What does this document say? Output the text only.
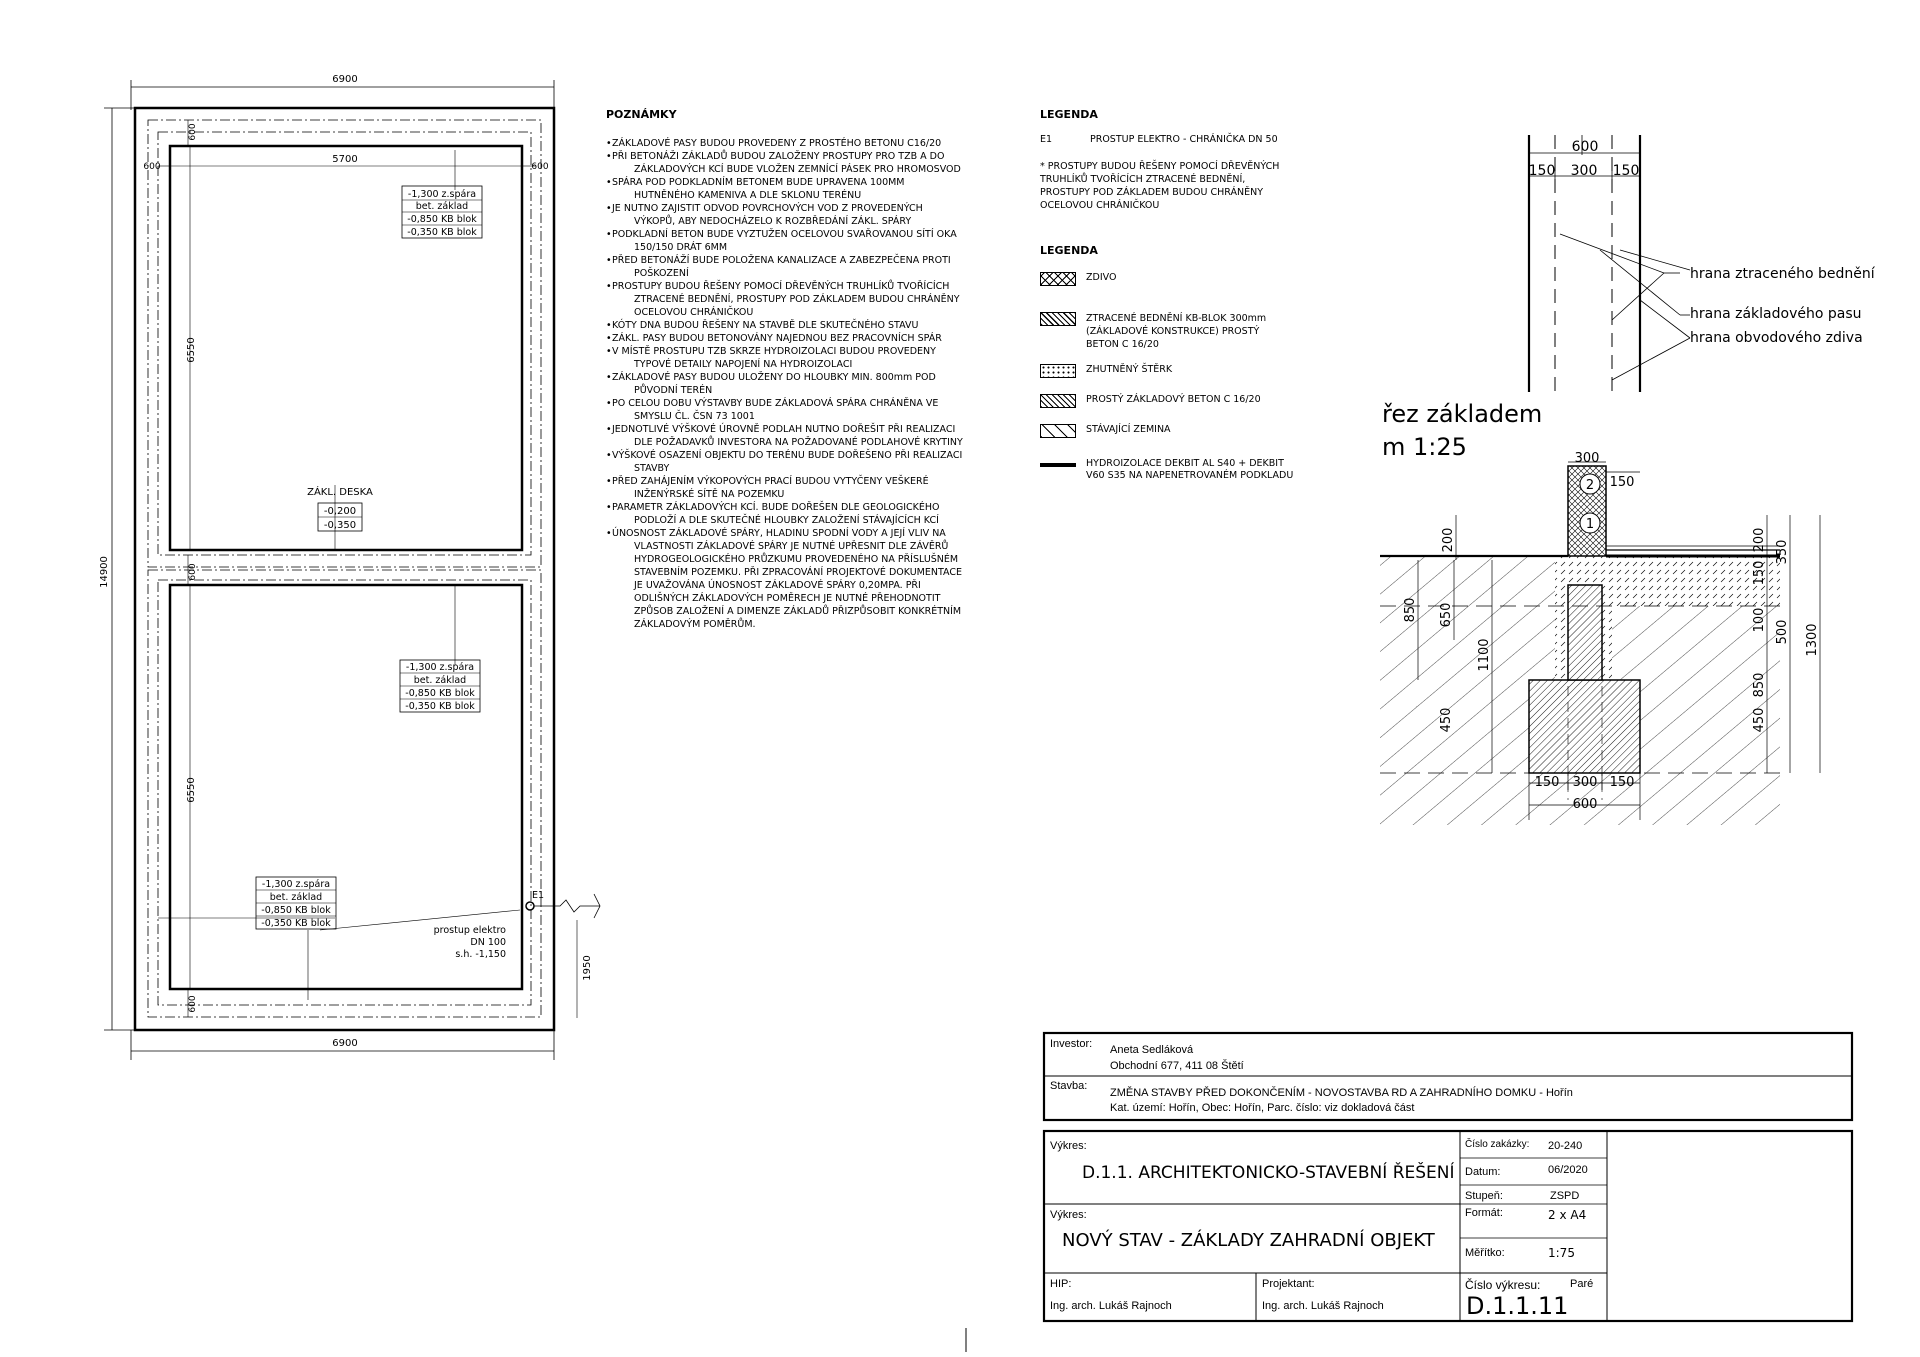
6900
6900
5700
14900
600	600
600
600
600
6550
6550
1950
ZÁKL. DESKA
-0,200
-0,350
-1,300 z.spára
bet. základ
-0,850 KB blok
-0,350 KB blok
-1,300 z.spára
bet. základ
-0,850 KB blok
-0,350 KB blok
-1,300 z.spára
bet. základ
-0,850 KB blok
-0,350 KB blok
E1
prostup elektro
DN 100
s.h. -1,150
600
150 300 150
hrana ztraceného bednění
hrana základového pasu
hrana obvodového zdiva
řez základem
m 1:25	300
150
2
1
200
850 650
1100
450
200
150
100
850
450
350
500 1300
150 300 150
600
POZNÁMKY
• ZÁKLADOVÉ PASY BUDOU PROVEDENY Z PROSTÉHO BETONU C16/20
• PŘI BETONÁŽI ZÁKLADŮ BUDOU ZALOŽENY PROSTUPY PRO TZB A DO ZÁKLADOVÝCH KCÍ BUDE VLOŽEN ZEMNÍCÍ PÁSEK PRO HROMOSVOD
• SPÁRA POD PODKLADNÍM BETONEM BUDE UPRAVENA 100MM HUTNĚNÉHO KAMENIVA A DLE SKLONU TERÉNU
• JE NUTNO ZAJISTIT ODVOD POVRCHOVÝCH VOD Z PROVEDENÝCH VÝKOPŮ, ABY NEDOCHÁZELO K ROZBŘEDÁNÍ ZÁKL. SPÁRY
• PODKLADNÍ BETON BUDE VYZTUŽEN OCELOVOU SVAŘOVANOU SÍTÍ OKA 150/150 DRÁT 6MM
• PŘED BETONÁŽÍ BUDE POLOŽENA KANALIZACE A ZABEZPEČENA PROTI POŠKOZENÍ
• PROSTUPY BUDOU ŘEŠENY POMOCÍ DŘEVĚNÝCH TRUHLÍKŮ TVOŘÍCÍCH ZTRACENÉ BEDNĚNÍ, PROSTUPY POD ZÁKLADEM BUDOU CHRÁNĚNY OCELOVOU CHRÁNIČKOU
• KÓTY DNA BUDOU ŘEŠENY NA STAVBĚ DLE SKUTEČNÉHO STAVU
• ZÁKL. PASY BUDOU BETONOVÁNY NAJEDNOU BEZ PRACOVNÍCH SPÁR
• V MÍSTĚ PROSTUPU TZB SKRZE HYDROIZOLACI BUDOU PROVEDENY TYPOVÉ DETAILY NAPOJENÍ NA HYDROIZOLACI
• ZÁKLADOVÉ PASY BUDOU ULOŽENY DO HLOUBKY MIN. 800mm POD PŮVODNÍ TERÉN
• PO CELOU DOBU VÝSTAVBY BUDE ZÁKLADOVÁ SPÁRA CHRÁNĚNA VE SMYSLU ČL. ČSN 73 1001
• JEDNOTLIVÉ VÝŠKOVÉ ÚROVNĚ PODLAH NUTNO DOŘEŠIT PŘI REALIZACI DLE POŽADAVKŮ INVESTORA NA POŽADOVANÉ PODLAHOVÉ KRYTINY
• VÝŠKOVÉ OSAZENÍ OBJEKTU DO TERÉNU BUDE DOŘEŠENO PŘI REALIZACI STAVBY
• PŘED ZAHÁJENÍM VÝKOPOVÝCH PRACÍ BUDOU VYTYČENY VEŠKERÉ INŽENÝRSKÉ SÍTĚ NA POZEMKU
• PARAMETR ZÁKLADOVÝCH KCÍ. BUDE DOŘEŠEN DLE GEOLOGICKÉHO PODLOŽÍ A DLE SKUTEČNÉ HLOUBKY ZALOŽENÍ STÁVAJÍCÍCH KCÍ
• ÚNOSNOST ZÁKLADOVÉ SPÁRY, HLADINU SPODNÍ VODY A JEJÍ VLIV NA VLASTNOSTI ZÁKLADOVÉ SPÁRY JE NUTNÉ UPŘESNIT DLE ZÁVĚRŮ HYDROGEOLOGICKÉHO PRŮZKUMU PROVEDENÉHO NA PŘÍSLUŠNÉM STAVEBNÍM POZEMKU. PŘI ZPRACOVÁNÍ PROJEKTOVÉ DOKUMENTACE JE UVAŽOVÁNA ÚNOSNOST ZÁKLADOVÉ SPÁRY 0,20MPA. PŘI ODLIŠNÝCH ZÁKLADOVÝCH POMĚRECH JE NUTNÉ PŘEHODNOTIT ZPŮSOB ZALOŽENÍ A DIMENZE ZÁKLADŮ PŘIZPŮSOBIT KONKRÉTNÍM ZÁKLADOVÝM POMĚRŮM.
LEGENDA
E1	PROSTUP ELEKTRO - CHRÁNIČKA DN 50
* PROSTUPY BUDOU ŘEŠENY POMOCÍ DŘEVĚNÝCH TRUHLÍKŮ TVOŘÍCÍCH ZTRACENÉ BEDNĚNÍ, PROSTUPY POD ZÁKLADEM BUDOU CHRÁNĚNY OCELOVOU CHRÁNIČKOU
LEGENDA
ZDIVO
ZTRACENÉ BEDNĚNÍ KB-BLOK 300mm (ZÁKLADOVÉ KONSTRUKCE) PROSTÝ BETON C 16/20
ZHUTNĚNÝ ŠTĚRK
PROSTÝ ZÁKLADOVÝ BETON C 16/20
STÁVAJÍCÍ ZEMINA
HYDROIZOLACE DEKBIT AL S40 + DEKBIT V60 S35 NA NAPENETROVANÉM PODKLADU
Investor: Aneta Sedláková
Obchodní 677, 411 08 Štětí
Stavba:
ZMĚNA STAVBY PŘED DOKONČENÍM - NOVOSTAVBA RD A ZAHRADNÍHO DOMKU - Hořín
Kat. území: Hořín, Obec: Hořín, Parc. číslo: viz dokladová část
Výkres:
D.1.1. ARCHITEKTONICKO-STAVEBNÍ ŘEŠENÍ
Výkres:
NOVÝ STAV - ZÁKLADY ZAHRADNÍ OBJEKT
HIP:
Ing. arch. Lukáš Rajnoch
Projektant:
Ing. arch. Lukáš Rajnoch
Číslo zakázky: 20-240
Datum:	06/2020
Stupeň:	ZSPD
Formát:	2 x A4
Měřítko:	1:75
Číslo výkresu:	Paré
D.1.1.11
